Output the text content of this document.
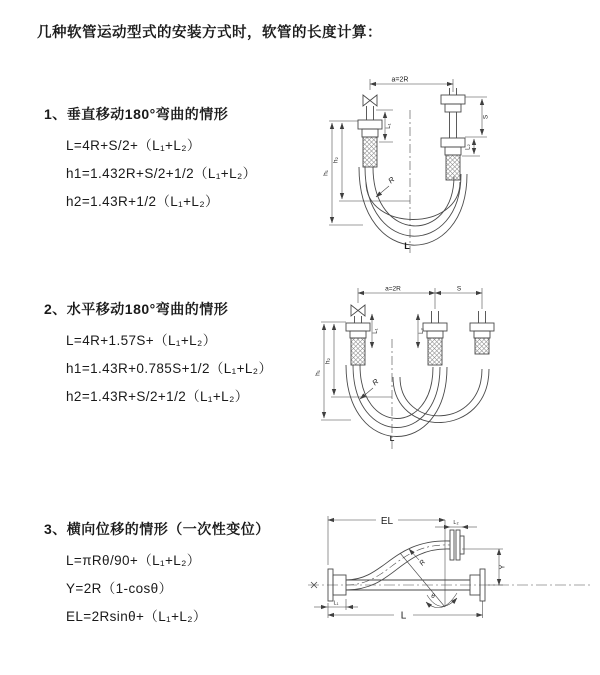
几种软管运动型式的安装方式时，软管的长度计算：
1、垂直移动180°弯曲的情形
L=4R+S/2+（L₁+L₂）
h1=1.432R+S/2+1/2（L₁+L₂）
h2=1.43R+1/2（L₁+L₂）
2、水平移动180°弯曲的情形
L=4R+1.57S+（L₁+L₂）
h1=1.43R+0.785S+1/2（L₁+L₂）
h2=1.43R+S/2+1/2（L₁+L₂）
3、横向位移的情形（一次性变位）
L=πRθ/90+（L₁+L₂）
Y=2R（1-cosθ）
EL=2Rsinθ+（L₁+L₂）
a=2R
h₁
h₂
L₁
S
L₂
R
L
a=2R	S
h₁
h₂
L₁	L₂
R
L
EL	L₂
Y
R
θ
L
L₁
